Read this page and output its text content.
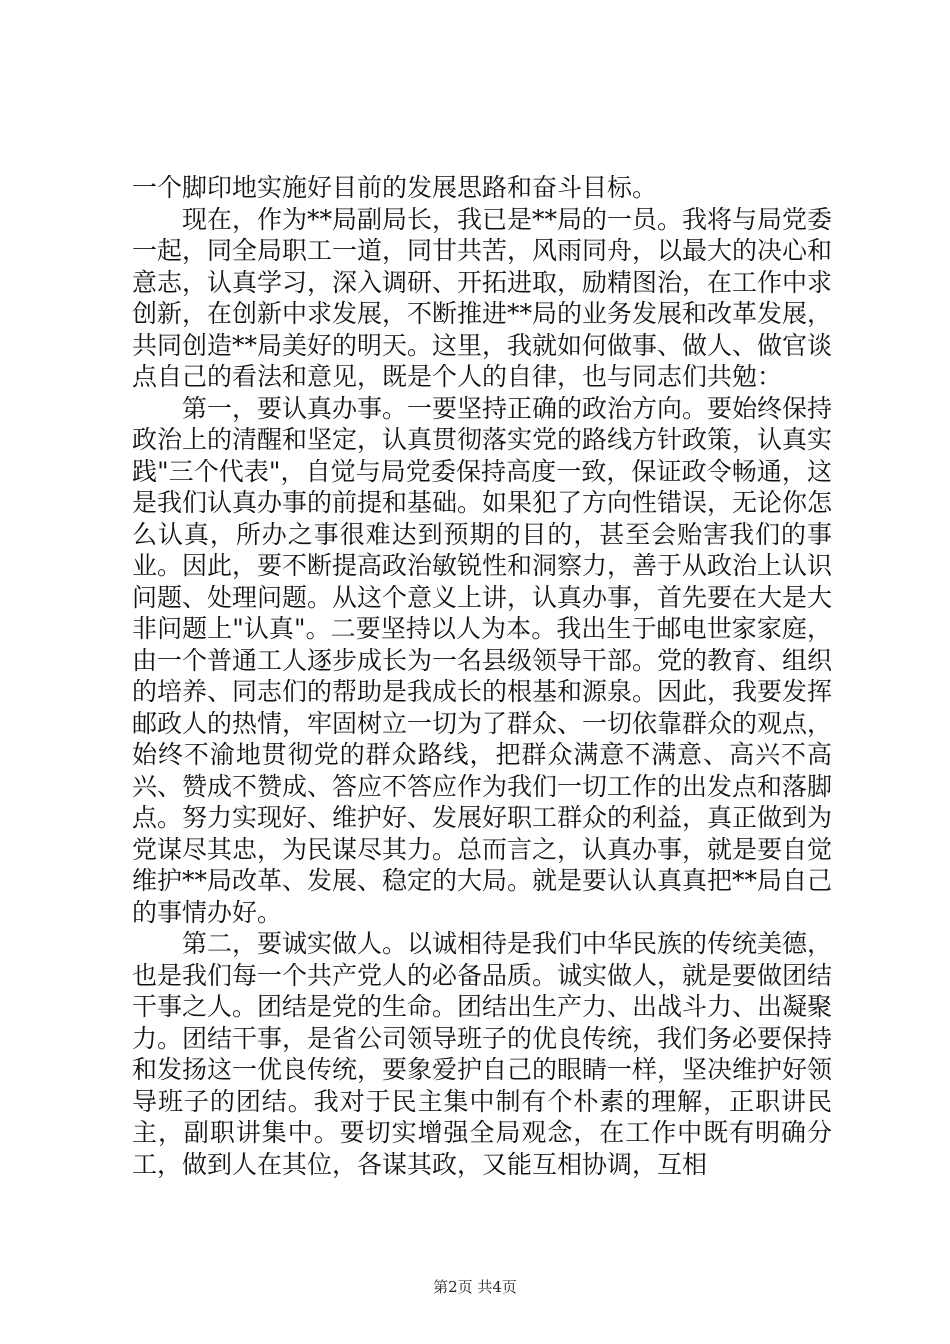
一个脚印地实施好目前的发展思路和奋斗目标。

现在，作为**局副局长，我已是**局的一员。我将与局党委一起，同全局职工一道，同甘共苦，风雨同舟，以最大的决心和意志，认真学习，深入调研、开拓进取，励精图治，在工作中求创新，在创新中求发展，不断推进**局的业务发展和改革发展，共同创造**局美好的明天。这里，我就如何做事、做人、做官谈点自己的看法和意见，既是个人的自律，也与同志们共勉：

第一，要认真办事。一要坚持正确的政治方向。要始终保持政治上的清醒和坚定，认真贯彻落实党的路线方针政策，认真实践"三个代表"，自觉与局党委保持高度一致，保证政令畅通，这是我们认真办事的前提和基础。如果犯了方向性错误，无论你怎么认真，所办之事很难达到预期的目的，甚至会贻害我们的事业。因此，要不断提高政治敏锐性和洞察力，善于从政治上认识问题、处理问题。从这个意义上讲，认真办事，首先要在大是大非问题上"认真"。二要坚持以人为本。我出生于邮电世家家庭，由一个普通工人逐步成长为一名县级领导干部。党的教育、组织的培养、同志们的帮助是我成长的根基和源泉。因此，我要发挥邮政人的热情，牢固树立一切为了群众、一切依靠群众的观点，始终不渝地贯彻党的群众路线，把群众满意不满意、高兴不高兴、赞成不赞成、答应不答应作为我们一切工作的出发点和落脚点。努力实现好、维护好、发展好职工群众的利益，真正做到为党谋尽其忠，为民谋尽其力。总而言之，认真办事，就是要自觉维护**局改革、发展、稳定的大局。就是要认认真真把**局自己的事情办好。

第二，要诚实做人。以诚相待是我们中华民族的传统美德，也是我们每一个共产党人的必备品质。诚实做人，就是要做团结干事之人。团结是党的生命。团结出生产力、出战斗力、出凝聚力。团结干事，是省公司领导班子的优良传统，我们务必要保持和发扬这一优良传统，要象爱护自己的眼睛一样，坚决维护好领导班子的团结。我对于民主集中制有个朴素的理解，正职讲民主，副职讲集中。要切实增强全局观念，在工作中既有明确分工，做到人在其位，各谋其政，又能互相协调，互相

第2页 共4页
